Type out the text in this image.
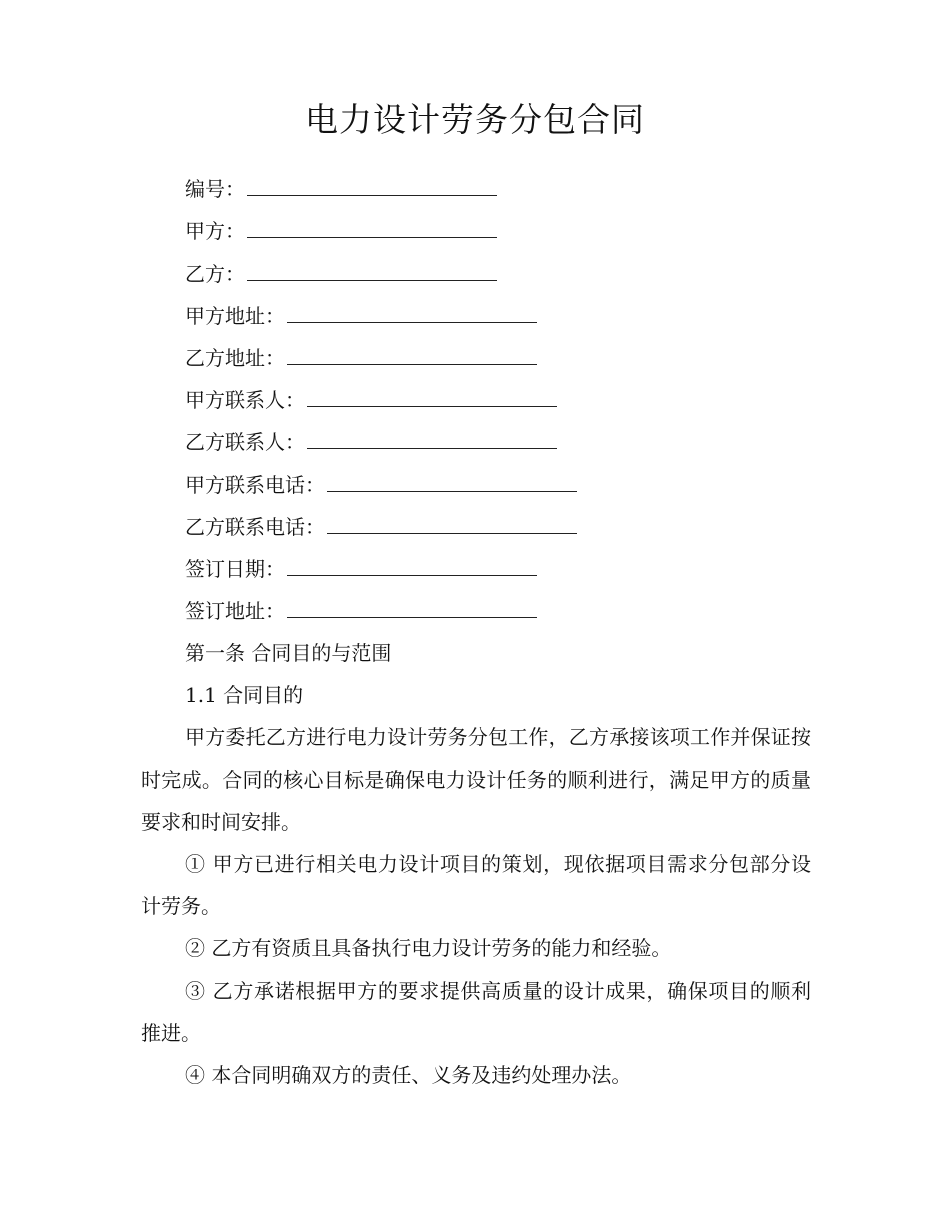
电力设计劳务分包合同
编号：
甲方：
乙方：
甲方地址：
乙方地址：
甲方联系人：
乙方联系人：
甲方联系电话：
乙方联系电话：
签订日期：
签订地址：
第一条 合同目的与范围
1.1 合同目的
甲方委托乙方进行电力设计劳务分包工作，乙方承接该项工作并保证按时完成。合同的核心目标是确保电力设计任务的顺利进行，满足甲方的质量要求和时间安排。
① 甲方已进行相关电力设计项目的策划，现依据项目需求分包部分设计劳务。
② 乙方有资质且具备执行电力设计劳务的能力和经验。
③ 乙方承诺根据甲方的要求提供高质量的设计成果，确保项目的顺利推进。
④ 本合同明确双方的责任、义务及违约处理办法。
